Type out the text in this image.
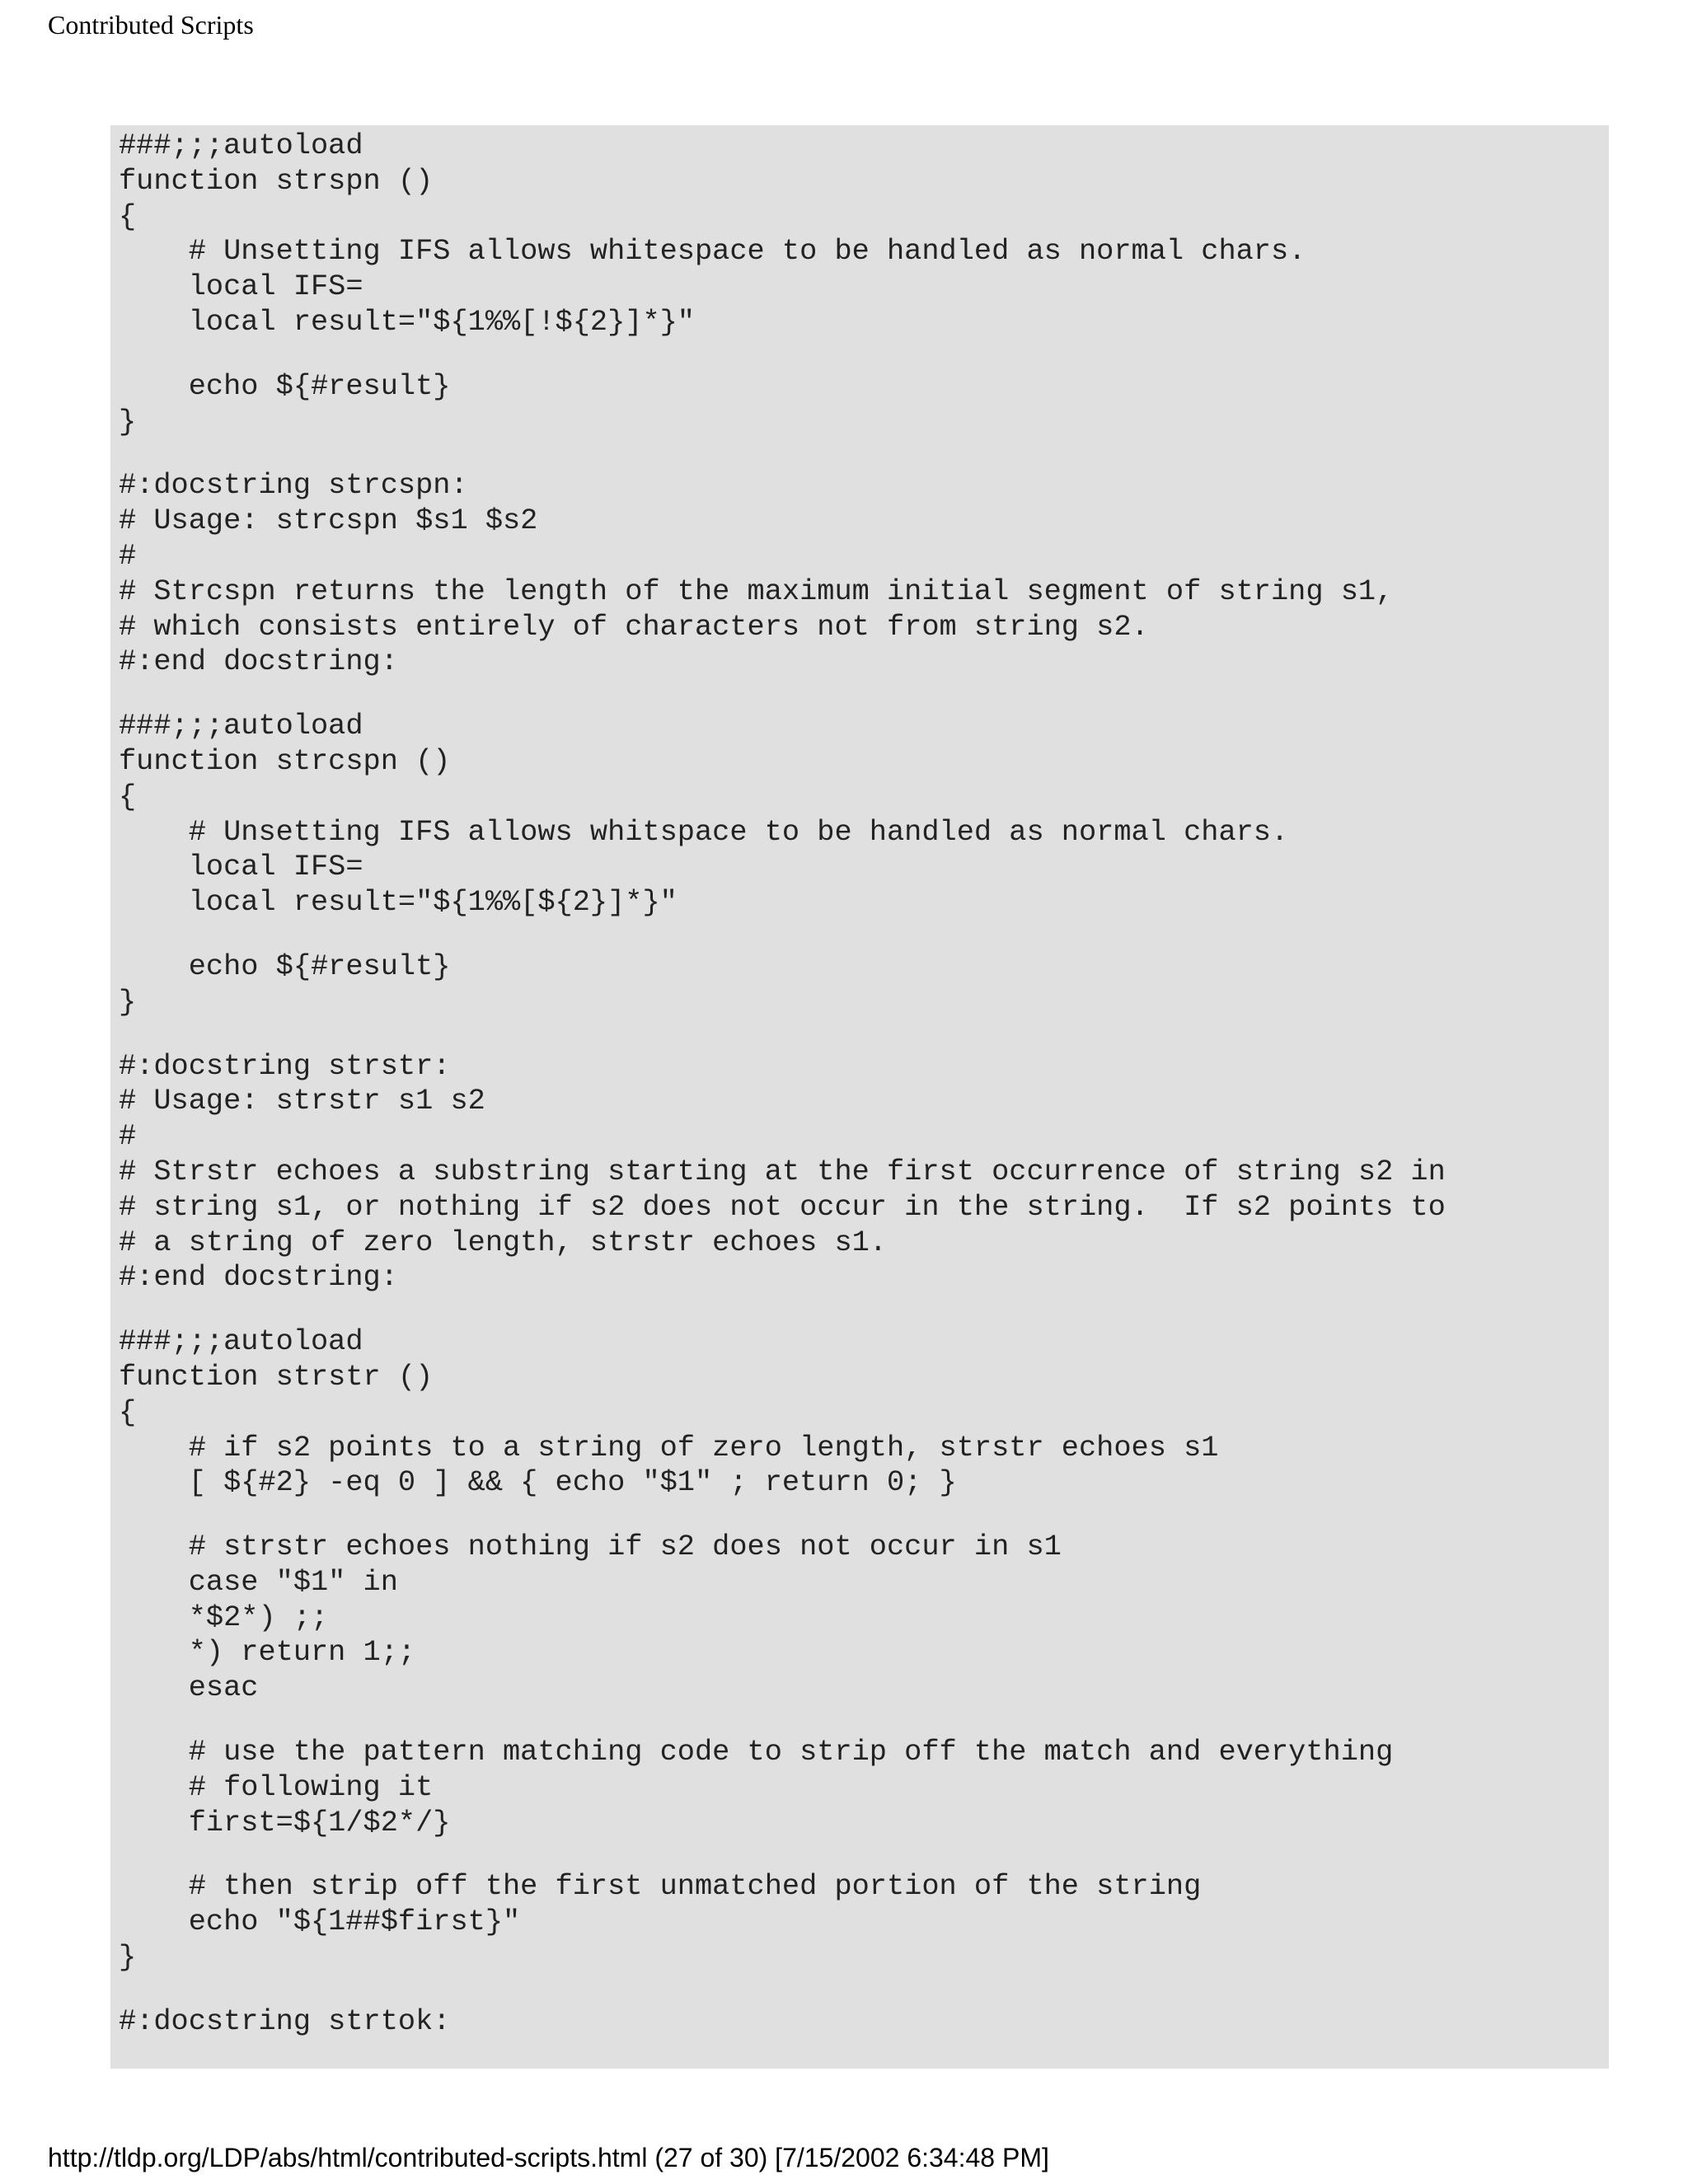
Contributed Scripts
###;;;autoload
function strspn ()
{
# Unsetting IFS allows whitespace to be handled as normal chars.
local IFS=
local result="${1%%[!${2}]*}"
echo ${#result}
}
#:docstring strcspn:
# Usage: strcspn $s1 $s2
#
# Strcspn returns the length of the maximum initial segment of string s1,
# which consists entirely of characters not from string s2.
#:end docstring:
###;;;autoload
function strcspn ()
{
# Unsetting IFS allows whitspace to be handled as normal chars.
local IFS=
local result="${1%%[${2}]*}"
echo ${#result}
}
#:docstring strstr:
# Usage: strstr s1 s2
#
# Strstr echoes a substring starting at the first occurrence of string s2 in
# string s1, or nothing if s2 does not occur in the string.  If s2 points to
# a string of zero length, strstr echoes s1.
#:end docstring:
###;;;autoload
function strstr ()
{
# if s2 points to a string of zero length, strstr echoes s1
[ ${#2} -eq 0 ] && { echo "$1" ; return 0; }
# strstr echoes nothing if s2 does not occur in s1
case "$1" in
*$2*) ;;
*) return 1;;
esac
# use the pattern matching code to strip off the match and everything
# following it
first=${1/$2*/}
# then strip off the first unmatched portion of the string
echo "${1##$first}"
}
#:docstring strtok:
http://tldp.org/LDP/abs/html/contributed-scripts.html (27 of 30) [7/15/2002 6:34:48 PM]
